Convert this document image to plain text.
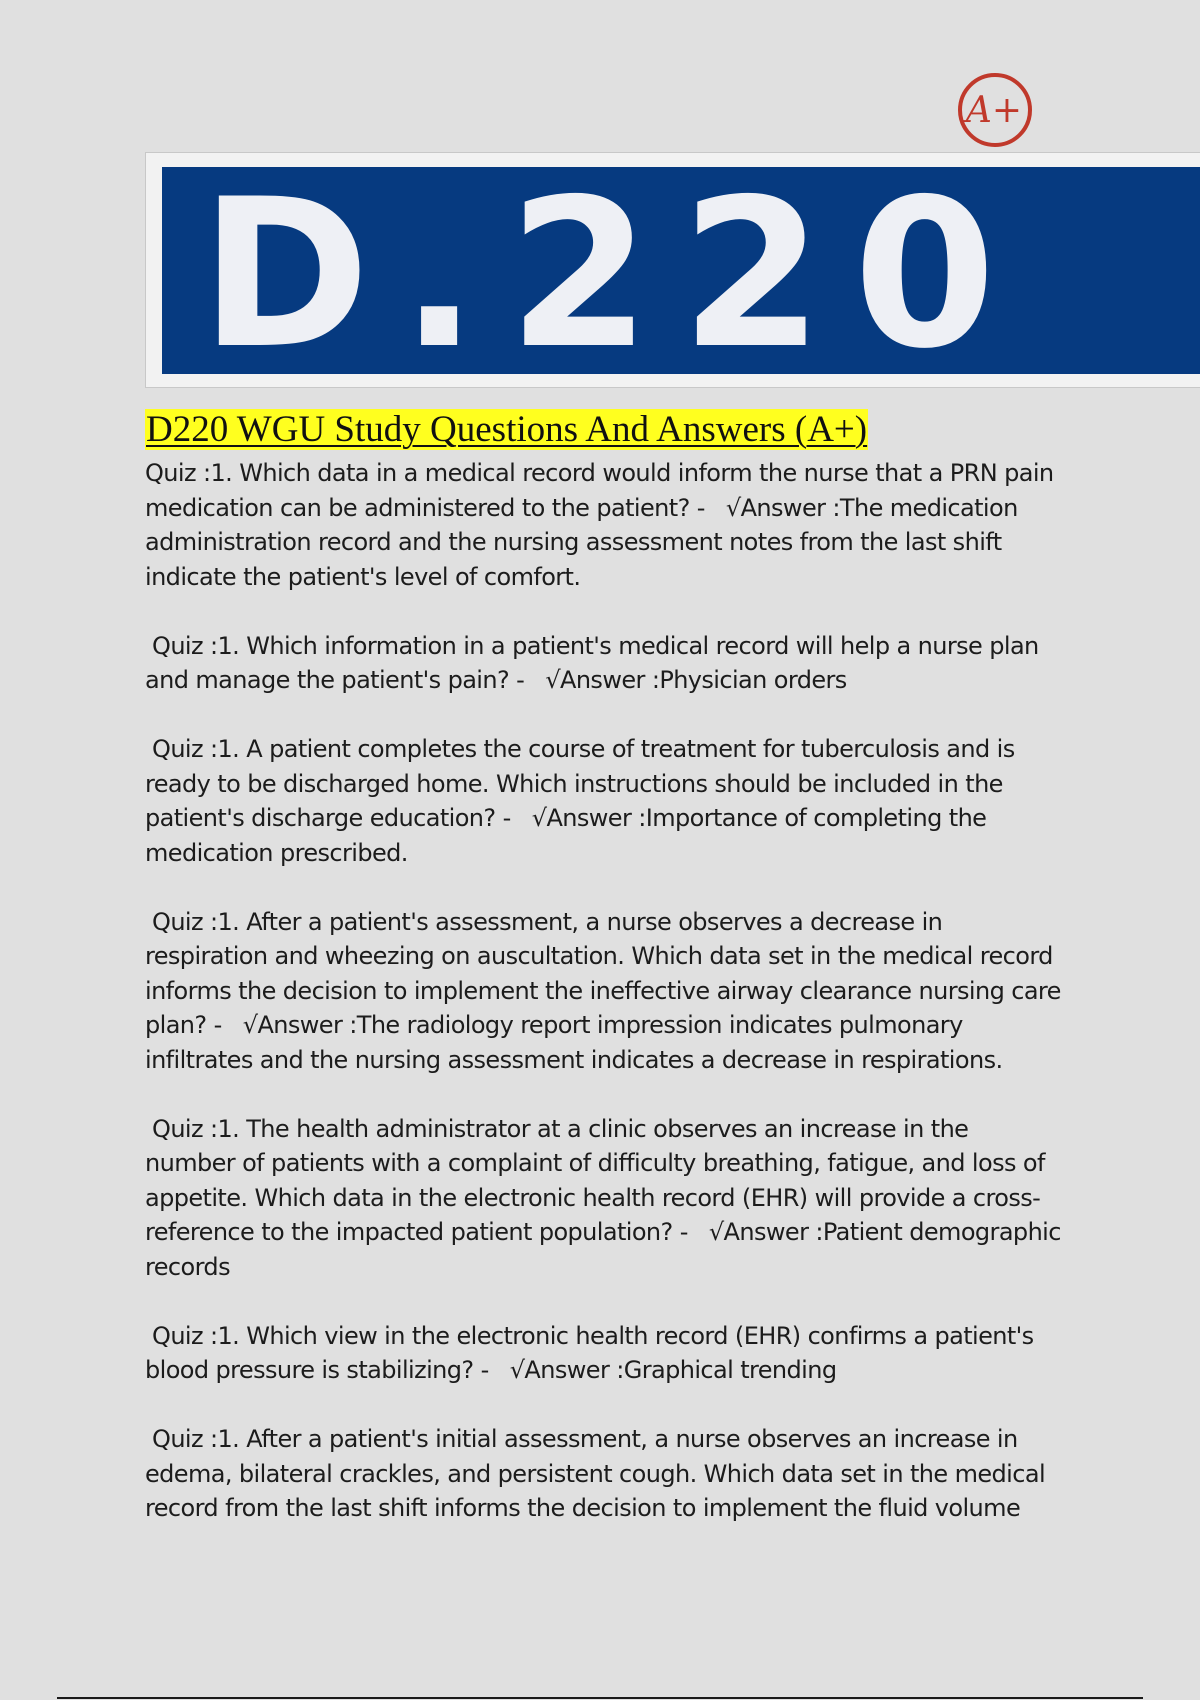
A+
D.220
D220 WGU Study Questions And Answers (A+)

Quiz :1. Which data in a medical record would inform the nurse that a PRN pain medication can be administered to the patient? - √Answer :The medication administration record and the nursing assessment notes from the last shift indicate the patient's level of comfort.

Quiz :1. Which information in a patient's medical record will help a nurse plan and manage the patient's pain? - √Answer :Physician orders

Quiz :1. A patient completes the course of treatment for tuberculosis and is ready to be discharged home. Which instructions should be included in the patient's discharge education? - √Answer :Importance of completing the medication prescribed.

Quiz :1. After a patient's assessment, a nurse observes a decrease in respiration and wheezing on auscultation. Which data set in the medical record informs the decision to implement the ineffective airway clearance nursing care plan? - √Answer :The radiology report impression indicates pulmonary infiltrates and the nursing assessment indicates a decrease in respirations.

Quiz :1. The health administrator at a clinic observes an increase in the number of patients with a complaint of difficulty breathing, fatigue, and loss of appetite. Which data in the electronic health record (EHR) will provide a cross-reference to the impacted patient population? - √Answer :Patient demographic records

Quiz :1. Which view in the electronic health record (EHR) confirms a patient's blood pressure is stabilizing? - √Answer :Graphical trending

Quiz :1. After a patient's initial assessment, a nurse observes an increase in edema, bilateral crackles, and persistent cough. Which data set in the medical record from the last shift informs the decision to implement the fluid volume
